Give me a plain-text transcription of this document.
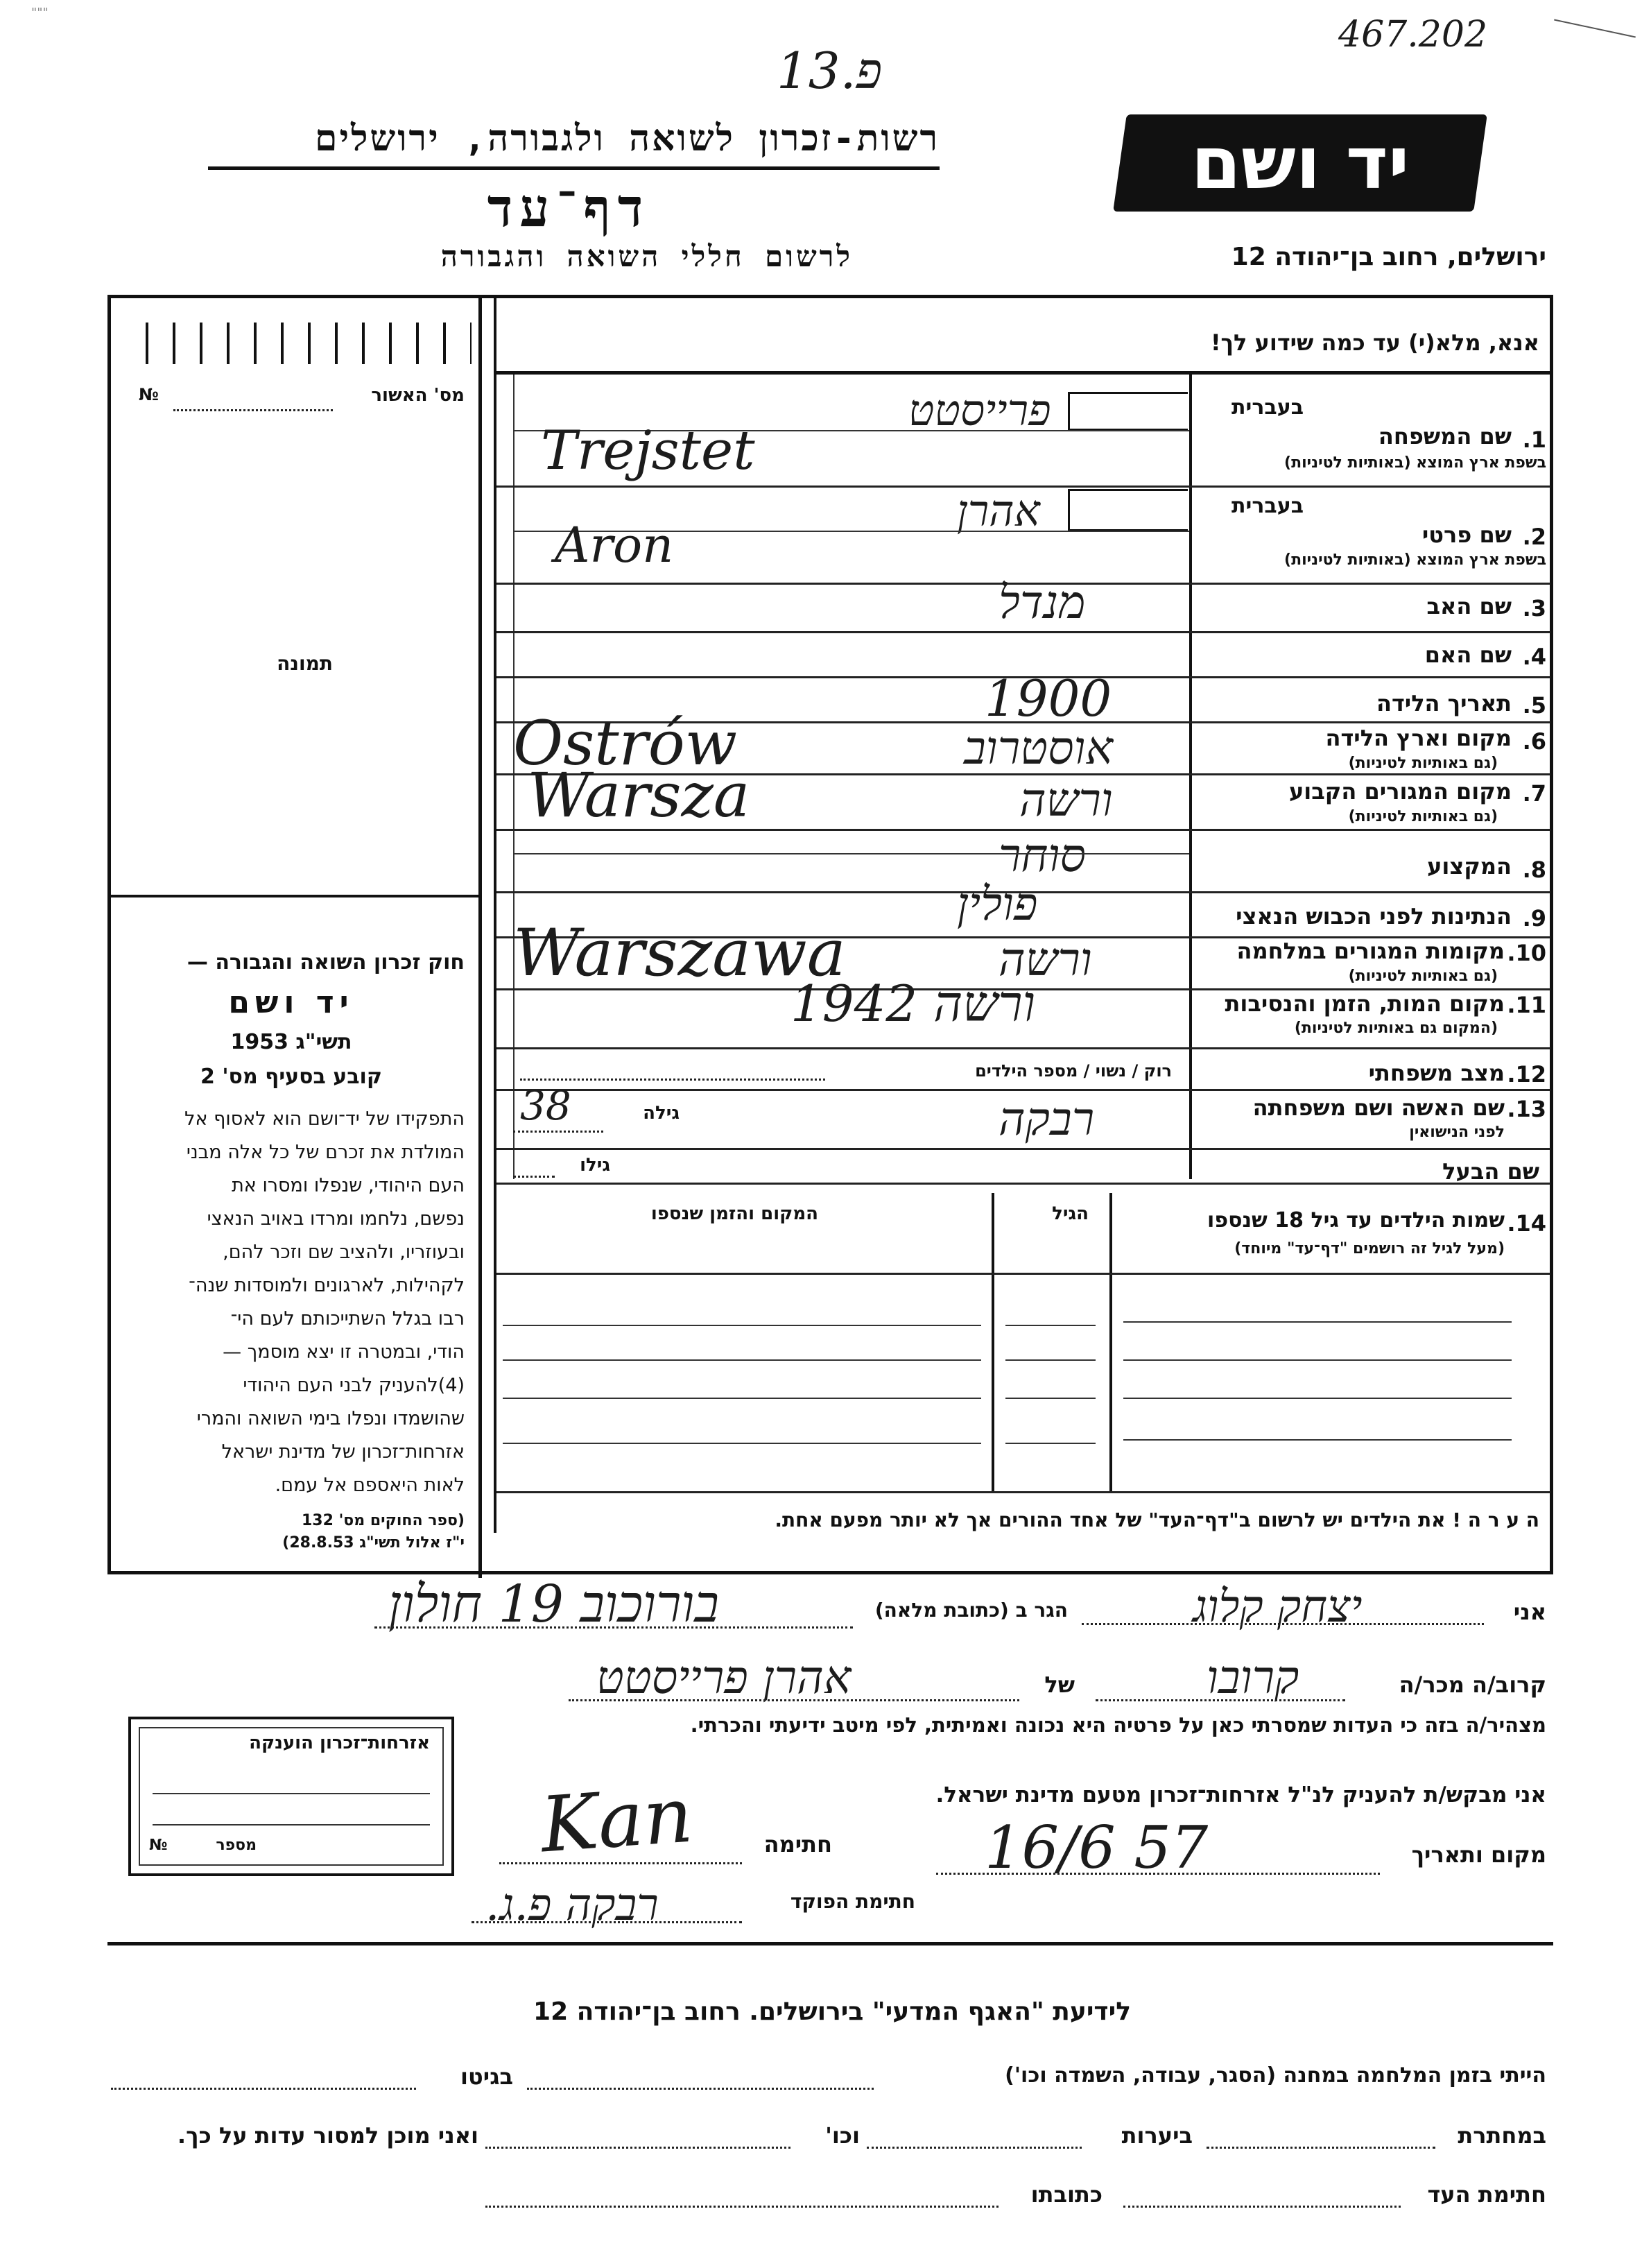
467.202
13.פ
"""
רשות-זכרון לשואה ולגבורה, ירושלים
דף־עד
לרשום חללי השואה והגבורה
יד ושם
ירושלים, רחוב בן־יהודה 12
מס' האשור
№
תמונה
חוק זכרון השואה והגבורה —
יד ושם
תשי"ג 1953
קובע בסעיף מס' 2
התפקידו של יד־ושם הוא לאסוף אל
המולדת את זכרם של כל אלה מבני
העם היהודי, שנפלו ומסרו את
נפשם, נלחמו ומרדו באויב הנאצי
ובעוזריו, ולהציב שם וזכר להם,
לקהילות, לארגונים ולמוסדות שנה־
רבו בגלל השתייכותם לעם הי־
הודי, ובמטרה זו יצא מוסמך —
(4)להעניק לבני העם היהודי
שהושמדו ונפלו בימי השואה והמרי
אזרחות־זכרון של מדינת ישראל
לאות היאספם אל עמם.
(ספר החוקים מס' 132
י"ז אלול תשי"ג 28.8.53)
אנא, מלא(י) עד כמה שידוע לך!
בעברית
1.
שם המשפחה
בשפת ארץ המוצא (באותיות לטיניות)
פרייסטט
Trejstet
בעברית
2.
שם פרטי
בשפת ארץ המוצא (באותיות לטיניות)
אהרן
Aron
3.
שם האב
מנדל
4.
שם האם
5.
תאריך הלידה
1900
6.
מקום וארץ הלידה
(גם באותיות לטיניות)
אוסטרוב
Ostrów
7.
מקום המגורים הקבוע
(גם באותיות לטיניות)
ורשה
Warsza
8.
המקצוע
סוחר
9.
הנתינות לפני הכבוש הנאצי
פולין
10.
מקומות המגורים במלחמה
(גם באותיות לטיניות)
ורשה
Warszawa
11.
מקום המות, הזמן והנסיבות
(המקום גם באותיות לטיניות)
ורשה 1942
12.
מצב משפחתי
רוק / נשוי / מספר הילדים
13.
שם האשה ושם משפחתה
לפני הנישואין
רבקה
גילה
38
שם הבעל
גילו
14.
שמות הילדים עד גיל 18 שנספו
(מעל לגיל זה רושמים "דף־עד" מיוחד)
הגיל
המקום והזמן שנספו
ה ע ר ה ! את הילדים יש לרשום ב"דף־העד" של אחד ההורים אך לא יותר מפעם אחת.
אני
יצחק קלוג
הגר ב (כתובת מלאה)
בורוכוב 19 חולון
קרוב/ה מכר/ה
קרובו
של
אהרן פרייסטט
מצהיר/ה בזה כי העדות שמסרתי כאן על פרטיה היא נכונה ואמיתית, לפי מיטב ידיעתי והכרתי.
אני מבקש/ת להעניק לנ"ל אזרחות־זכרון מטעם מדינת ישראל.
מקום ותאריך
16/6 57
חתימה
Kan
חתימת הפוקד
רבקה פ.ג.
אזרחות־זכרון הוענקה
מספר
№
לידיעת "האגף המדעי" בירושלים. רחוב בן־יהודה 12
הייתי בזמן המלחמה במחנה (הסגר, עבודה, השמדה וכו')
בגיטו
במחתרת
ביערות
וכו'
ואני מוכן למסור עדות על כך.
חתימת העד
כתובתו
